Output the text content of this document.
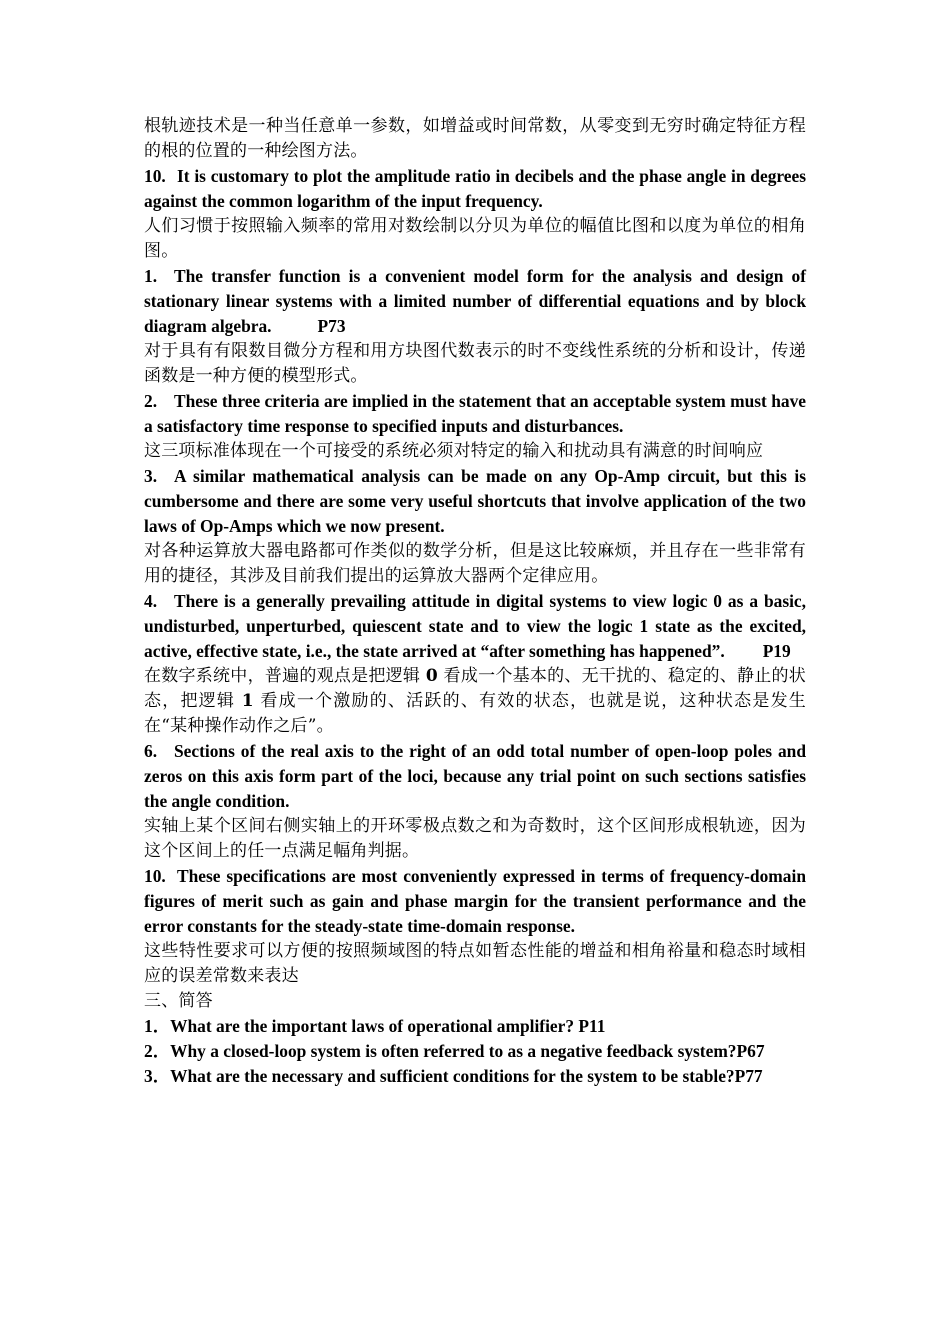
根轨迹技术是一种当任意单一参数，如增益或时间常数，从零变到无穷时确定特征方程的根的位置的一种绘图方法。

10. It is customary to plot the amplitude ratio in decibels and the phase angle in degrees against the common logarithm of the input frequency.

人们习惯于按照输入频率的常用对数绘制以分贝为单位的幅值比图和以度为单位的相角图。

1. The transfer function is a convenient model form for the analysis and design of stationary linear systems with a limited number of differential equations and by block diagram algebra.	P73

对于具有有限数目微分方程和用方块图代数表示的时不变线性系统的分析和设计，传递函数是一种方便的模型形式。

2. These three criteria are implied in the statement that an acceptable system must have a satisfactory time response to specified inputs and disturbances.

这三项标准体现在一个可接受的系统必须对特定的输入和扰动具有满意的时间响应

3. A similar mathematical analysis can be made on any Op-Amp circuit, but this is cumbersome and there are some very useful shortcuts that involve application of the two laws of Op-Amps which we now present.

对各种运算放大器电路都可作类似的数学分析，但是这比较麻烦，并且存在一些非常有用的捷径，其涉及目前我们提出的运算放大器两个定律应用。

4. There is a generally prevailing attitude in digital systems to view logic 0 as a basic, undisturbed, unperturbed, quiescent state and to view the logic 1 state as the excited, active, effective state, i.e., the state arrived at “after something has happened”. P19

在数字系统中，普遍的观点是把逻辑 0 看成一个基本的、无干扰的、稳定的、静止的状态，把逻辑 1 看成一个激励的、活跃的、有效的状态，也就是说，这种状态是发生在“某种操作动作之后”。

6. Sections of the real axis to the right of an odd total number of open-loop poles and zeros on this axis form part of the loci, because any trial point on such sections satisfies the angle condition.

实轴上某个区间右侧实轴上的开环零极点数之和为奇数时，这个区间形成根轨迹，因为这个区间上的任一点满足幅角判据。

10. These specifications are most conveniently expressed in terms of frequency-domain figures of merit such as gain and phase margin for the transient performance and the error constants for the steady-state time-domain response.

这些特性要求可以方便的按照频域图的特点如暂态性能的增益和相角裕量和稳态时域相应的误差常数来表达

三、简答

1．What are the important laws of operational amplifier? P11

2．Why a closed-loop system is often referred to as a negative feedback system?P67

3．What are the necessary and sufficient conditions for the system to be stable?P77
